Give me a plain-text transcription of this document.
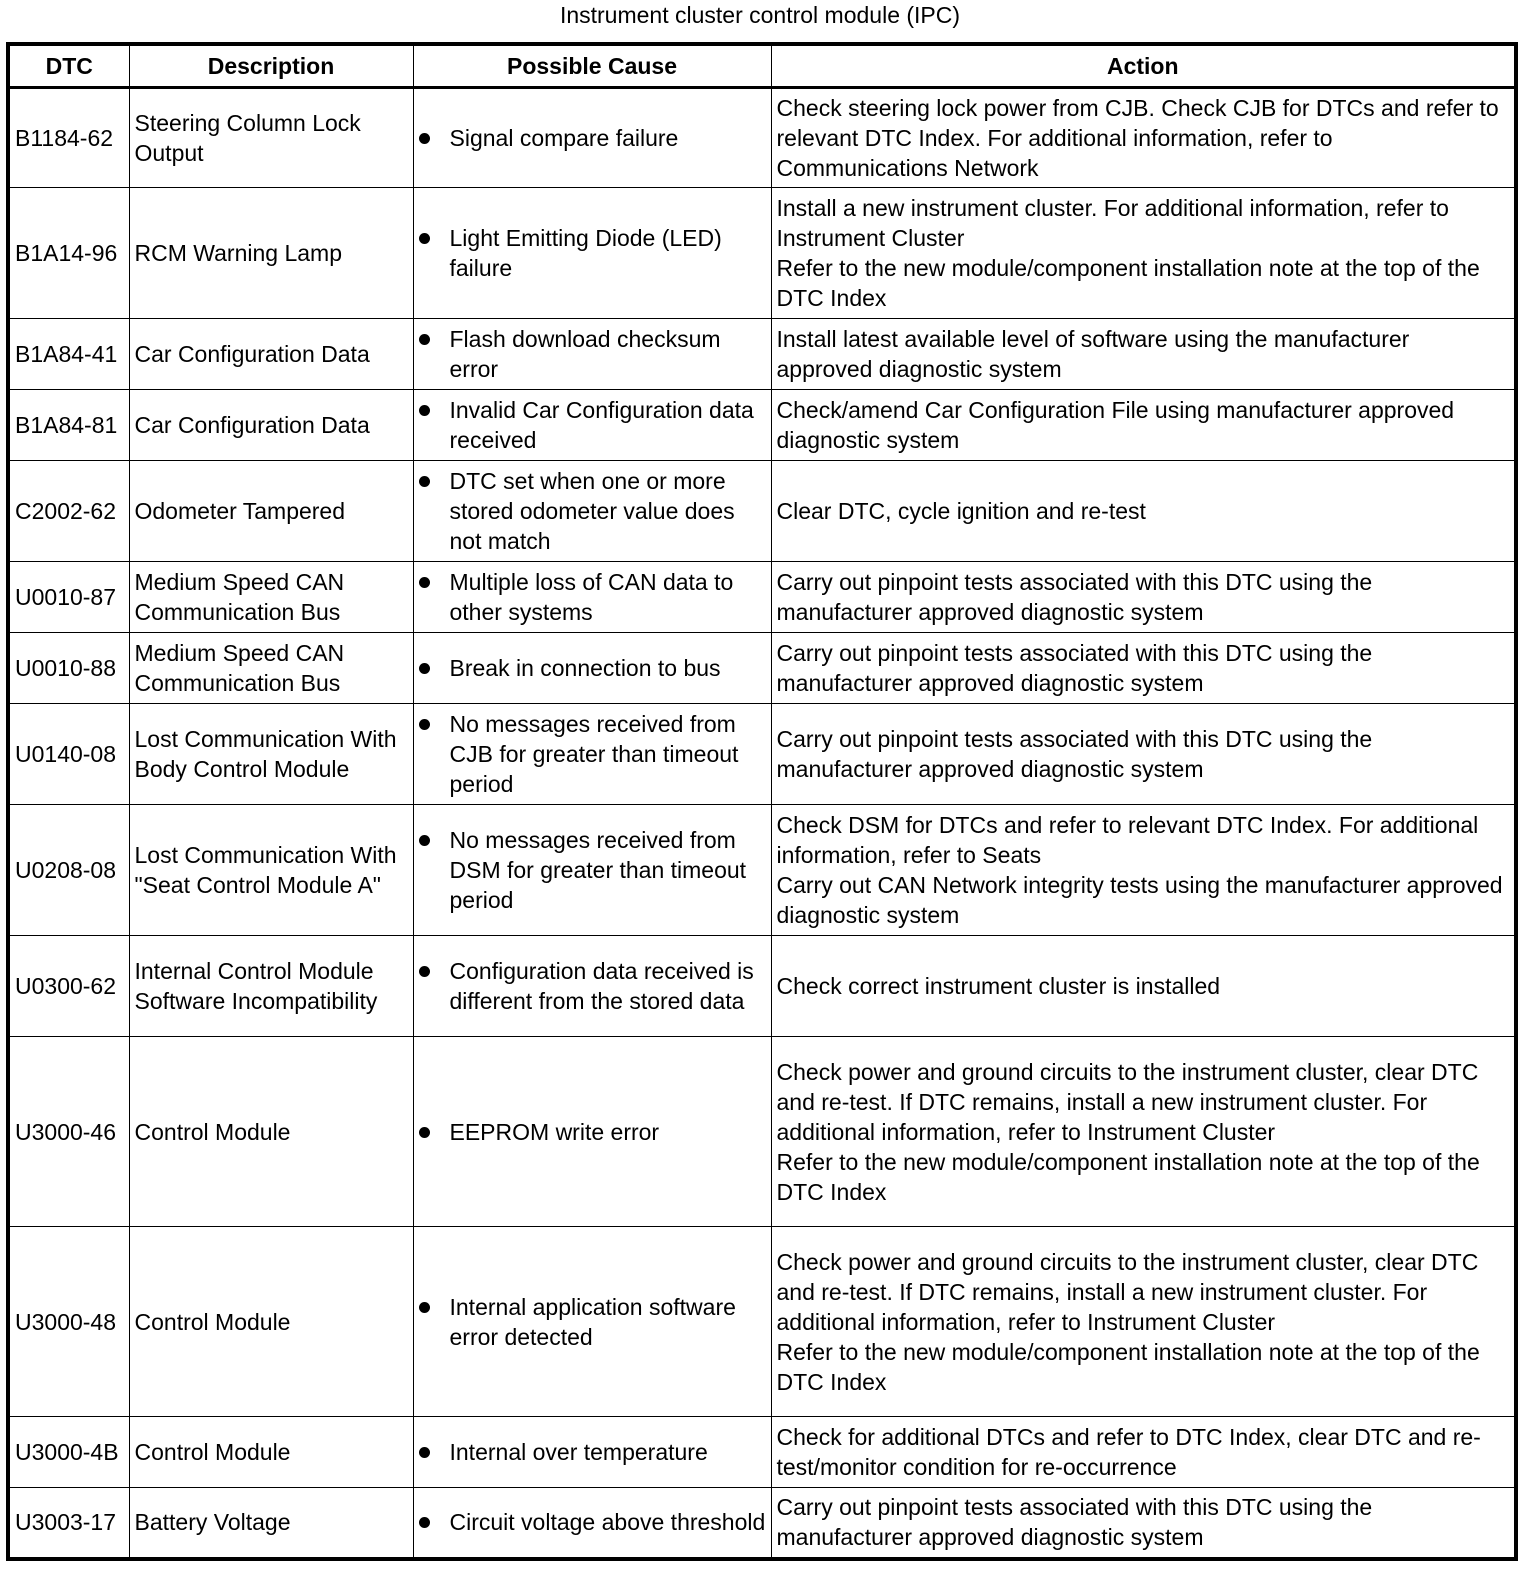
Instrument cluster control module (IPC)
DTC	Description	Possible Cause	Action
B1184-62	Steering Column Lock Output	Signal compare failure	Check steering lock power from CJB. Check CJB for DTCs and refer to relevant DTC Index. For additional information, refer to Communications Network

B1A14-96	RCM Warning Lamp	Light Emitting Diode (LED) failure	Install a new instrument cluster. For additional information, refer to Instrument Cluster
Refer to the new module/component installation note at the top of the DTC Index

B1A84-41	Car Configuration Data	Flash download checksum error	Install latest available level of software using the manufacturer approved diagnostic system

B1A84-81	Car Configuration Data	Invalid Car Configuration data received	Check/amend Car Configuration File using manufacturer approved diagnostic system

C2002-62	Odometer Tampered	DTC set when one or more stored odometer value does not match	Clear DTC, cycle ignition and re-test

U0010-87	Medium Speed CAN Communication Bus	Multiple loss of CAN data to other systems	Carry out pinpoint tests associated with this DTC using the manufacturer approved diagnostic system

U0010-88	Medium Speed CAN Communication Bus	Break in connection to bus	Carry out pinpoint tests associated with this DTC using the manufacturer approved diagnostic system

U0140-08	Lost Communication With Body Control Module	No messages received from CJB for greater than timeout period	Carry out pinpoint tests associated with this DTC using the manufacturer approved diagnostic system

U0208-08	Lost Communication With "Seat Control Module A"	No messages received from DSM for greater than timeout period	Check DSM for DTCs and refer to relevant DTC Index. For additional information, refer to Seats
Carry out CAN Network integrity tests using the manufacturer approved diagnostic system

U0300-62	Internal Control Module Software Incompatibility	Configuration data received is different from the stored data	Check correct instrument cluster is installed

U3000-46	Control Module	EEPROM write error	Check power and ground circuits to the instrument cluster, clear DTC and re-test. If DTC remains, install a new instrument cluster. For additional information, refer to Instrument Cluster
Refer to the new module/component installation note at the top of the DTC Index

U3000-48	Control Module	Internal application software error detected	Check power and ground circuits to the instrument cluster, clear DTC and re-test. If DTC remains, install a new instrument cluster. For additional information, refer to Instrument Cluster
Refer to the new module/component installation note at the top of the DTC Index

U3000-4B	Control Module	Internal over temperature	Check for additional DTCs and refer to DTC Index, clear DTC and re-test/monitor condition for re-occurrence

U3003-17	Battery Voltage	Circuit voltage above threshold	Carry out pinpoint tests associated with this DTC using the manufacturer approved diagnostic system
